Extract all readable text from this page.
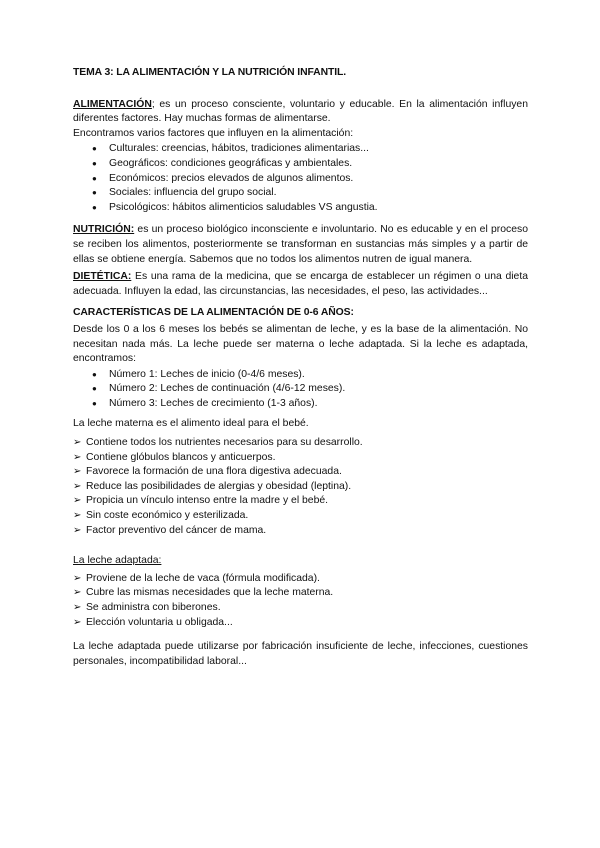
TEMA 3: LA ALIMENTACIÓN Y LA NUTRICIÓN INFANTIL.

ALIMENTACIÓN; es un proceso consciente, voluntario y educable. En la alimentación influyen diferentes factores. Hay muchas formas de alimentarse.

Encontramos varios factores que influyen en la alimentación:

● Culturales: creencias, hábitos, tradiciones alimentarias...
● Geográficos: condiciones geográficas y ambientales.
● Económicos: precios elevados de algunos alimentos.
● Sociales: influencia del grupo social.
● Psicológicos: hábitos alimenticios saludables VS angustia.

NUTRICIÓN: es un proceso biológico inconsciente e involuntario. No es educable y en el proceso se reciben los alimentos, posteriormente se transforman en sustancias más simples y a partir de ellas se obtiene energía. Sabemos que no todos los alimentos nutren de igual manera.

DIETÉTICA: Es una rama de la medicina, que se encarga de establecer un régimen o una dieta adecuada. Influyen la edad, las circunstancias, las necesidades, el peso, las actividades...

CARACTERÍSTICAS DE LA ALIMENTACIÓN DE 0-6 AÑOS:

Desde los 0 a los 6 meses los bebés se alimentan de leche, y es la base de la alimentación. No necesitan nada más. La leche puede ser materna o leche adaptada. Si la leche es adaptada, encontramos:

● Número 1: Leches de inicio (0-4/6 meses).
● Número 2: Leches de continuación (4/6-12 meses).
● Número 3: Leches de crecimiento (1-3 años).

La leche materna es el alimento ideal para el bebé.

➢ Contiene todos los nutrientes necesarios para su desarrollo.
➢ Contiene glóbulos blancos y anticuerpos.
➢ Favorece la formación de una flora digestiva adecuada.
➢ Reduce las posibilidades de alergias y obesidad (leptina).
➢ Propicia un vínculo intenso entre la madre y el bebé.
➢ Sin coste económico y esterilizada.
➢ Factor preventivo del cáncer de mama.

La leche adaptada:

➢ Proviene de la leche de vaca (fórmula modificada).
➢ Cubre las mismas necesidades que la leche materna.
➢ Se administra con biberones.
➢ Elección voluntaria u obligada...

La leche adaptada puede utilizarse por fabricación insuficiente de leche, infecciones, cuestiones personales, incompatibilidad laboral...
